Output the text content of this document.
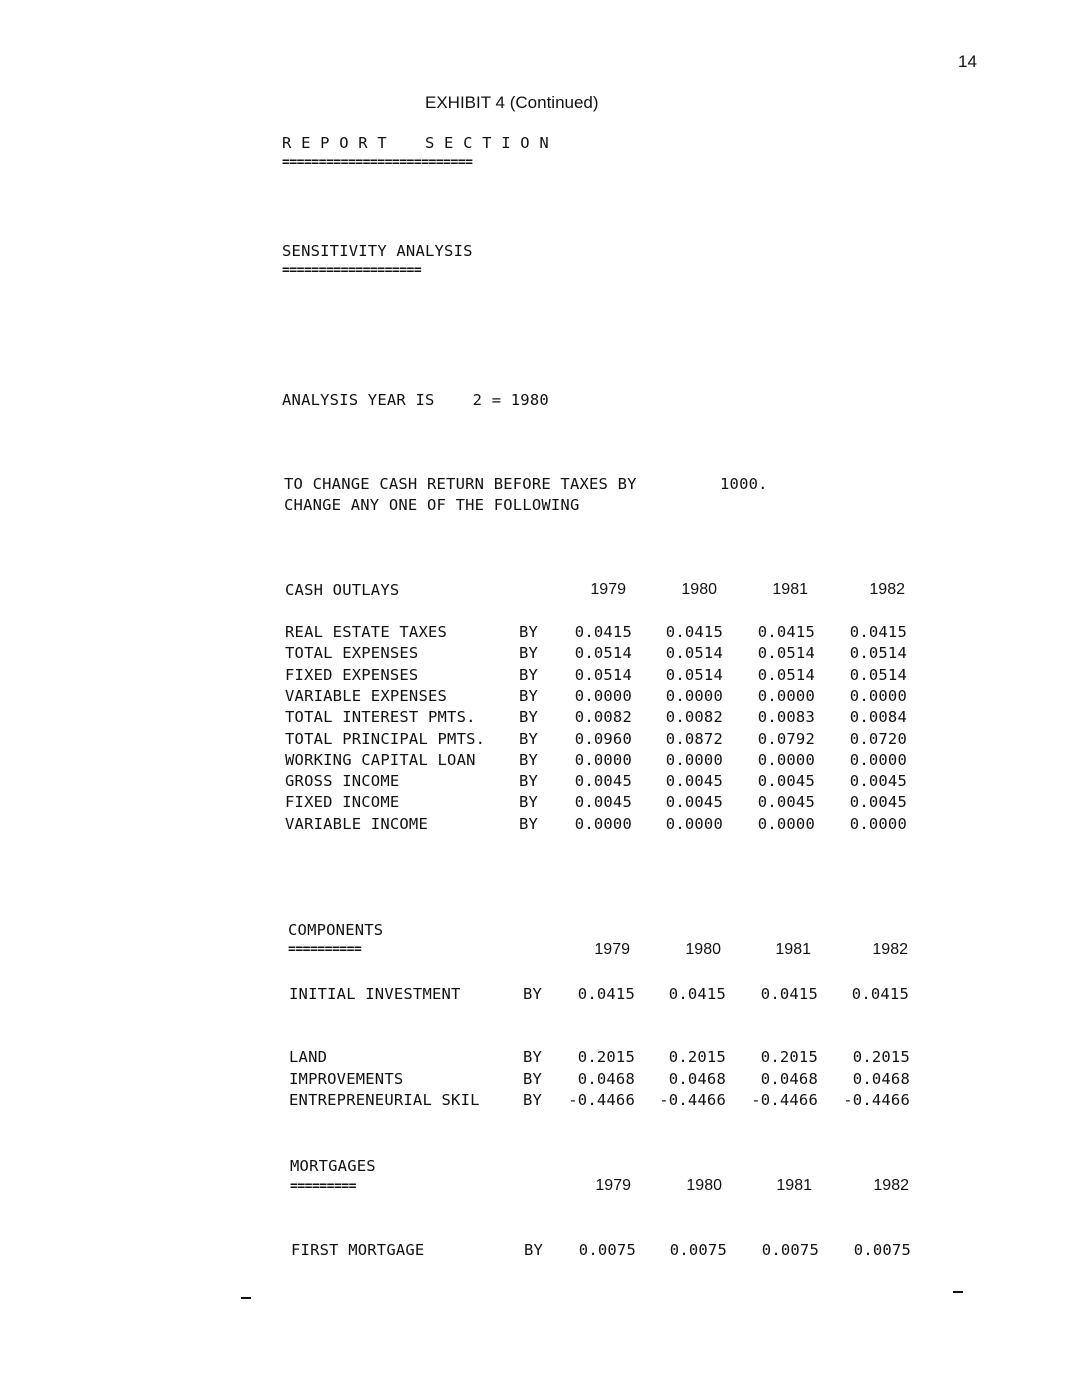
14
EXHIBIT 4 (Continued)
R E P O R T    S E C T I O N
==========================
SENSITIVITY ANALYSIS
===================
ANALYSIS YEAR IS    2 = 1980
TO CHANGE CASH RETURN BEFORE TAXES BY	1000.
CHANGE ANY ONE OF THE FOLLOWING
CASH OUTLAYS	1979	1980	1981	1982
REAL ESTATE TAXES	BY	0.0415	0.0415	0.0415	0.0415
TOTAL EXPENSES	BY	0.0514	0.0514	0.0514	0.0514
FIXED EXPENSES	BY	0.0514	0.0514	0.0514	0.0514
VARIABLE EXPENSES	BY	0.0000	0.0000	0.0000	0.0000
TOTAL INTEREST PMTS.	BY	0.0082	0.0082	0.0083	0.0084
TOTAL PRINCIPAL PMTS. BY	0.0960	0.0872	0.0792	0.0720
WORKING CAPITAL LOAN	BY	0.0000	0.0000	0.0000	0.0000
GROSS INCOME	BY	0.0045	0.0045	0.0045	0.0045
FIXED INCOME	BY	0.0045	0.0045	0.0045	0.0045
VARIABLE INCOME	BY	0.0000	0.0000	0.0000	0.0000
COMPONENTS
==========	1979	1980	1981	1982
INITIAL INVESTMENT	BY	0.0415	0.0415	0.0415	0.0415
LAND	BY	0.2015	0.2015	0.2015	0.2015
IMPROVEMENTS	BY	0.0468	0.0468	0.0468	0.0468
ENTREPRENEURIAL SKIL	BY	-0.4466	-0.4466	-0.4466	-0.4466
MORTGAGES
=========	1979	1980	1981	1982
FIRST MORTGAGE	BY	0.0075	0.0075	0.0075	0.0075
